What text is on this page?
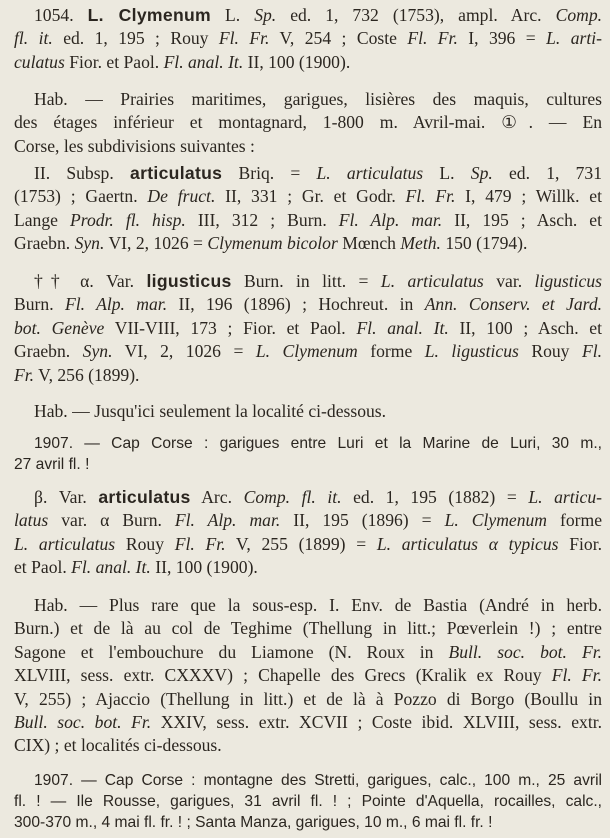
1054. L. Clymenum L. Sp. ed. 1, 732 (1753), ampl. Arc. Comp.
fl. it. ed. 1, 195 ; Rouy Fl. Fr. V, 254 ; Coste Fl. Fr. I, 396 = L. arti-
culatus Fior. et Paol. Fl. anal. It. II, 100 (1900).
Hab. — Prairies maritimes, garigues, lisières des maquis, cultures
des étages inférieur et montagnard, 1-800 m. Avril-mai. ①. — En
Corse, les subdivisions suivantes :
II. Subsp. articulatus Briq. = L. articulatus L. Sp. ed. 1, 731
(1753) ; Gaertn. De fruct. II, 331 ; Gr. et Godr. Fl. Fr. I, 479 ; Willk. et
Lange Prodr. fl. hisp. III, 312 ; Burn. Fl. Alp. mar. II, 195 ; Asch. et
Graebn. Syn. VI, 2, 1026 = Clymenum bicolor Mœnch Meth. 150 (1794).
†† α. Var. ligusticus Burn. in litt. = L. articulatus var. ligusticus
Burn. Fl. Alp. mar. II, 196 (1896) ; Hochreut. in Ann. Conserv. et Jard.
bot. Genève VII-VIII, 173 ; Fior. et Paol. Fl. anal. It. II, 100 ; Asch. et
Graebn. Syn. VI, 2, 1026 = L. Clymenum forme L. ligusticus Rouy Fl.
Fr. V, 256 (1899).
Hab. — Jusqu'ici seulement la localité ci-dessous.
1907. — Cap Corse : garigues entre Luri et la Marine de Luri, 30 m.,
27 avril fl. !
β. Var. articulatus Arc. Comp. fl. it. ed. 1, 195 (1882) = L. articu-
latus var. α Burn. Fl. Alp. mar. II, 195 (1896) = L. Clymenum forme
L. articulatus Rouy Fl. Fr. V, 255 (1899) = L. articulatus α typicus Fior.
et Paol. Fl. anal. It. II, 100 (1900).
Hab. — Plus rare que la sous-esp. I. Env. de Bastia (André in herb.
Burn.) et de là au col de Teghime (Thellung in litt.; Pœverlein !) ; entre
Sagone et l'embouchure du Liamone (N. Roux in Bull. soc. bot. Fr.
XLVIII, sess. extr. CXXXV) ; Chapelle des Grecs (Kralik ex Rouy Fl. Fr.
V, 255) ; Ajaccio (Thellung in litt.) et de là à Pozzo di Borgo (Boullu in
Bull. soc. bot. Fr. XXIV, sess. extr. XCVII ; Coste ibid. XLVIII, sess. extr.
CIX) ; et localités ci-dessous.
1907. — Cap Corse : montagne des Stretti, garigues, calc., 100 m., 25 avril
fl. ! — Ile Rousse, garigues, 31 avril fl. ! ; Pointe d'Aquella, rocailles, calc.,
300-370 m., 4 mai fl. fr. ! ; Santa Manza, garigues, 10 m., 6 mai fl. fr. !
